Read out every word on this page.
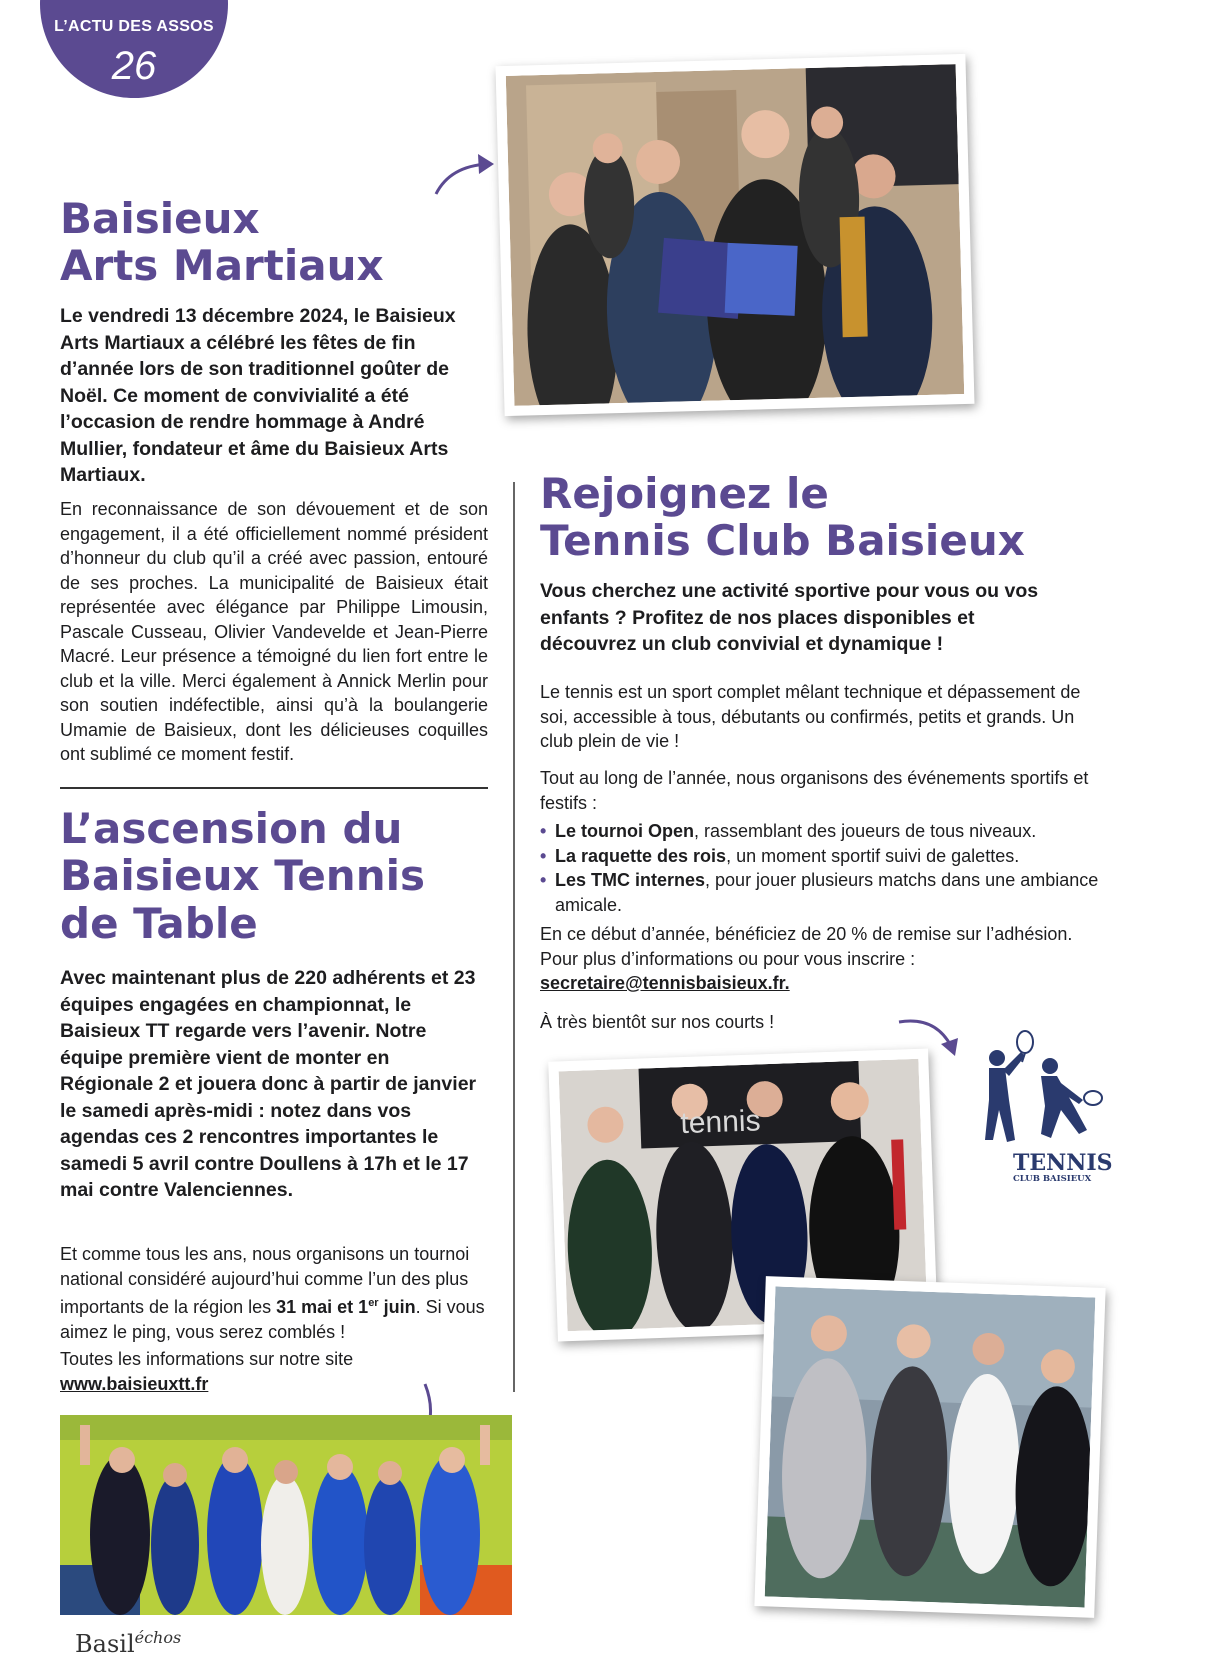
L’ACTU DES ASSOS
26
Baisieux
Arts Martiaux

Le vendredi 13 décembre 2024, le Baisieux Arts Martiaux a célébré les fêtes de fin d’année lors de son traditionnel goûter de Noël. Ce moment de convivialité a été l’occasion de rendre hommage à André Mullier, fondateur et âme du Baisieux Arts Martiaux.

En reconnaissance de son dévouement et de son engagement, il a été officiellement nommé président d’honneur du club qu’il a créé avec passion, entouré de ses proches. La municipalité de Baisieux était représentée avec élégance par Philippe Limousin, Pascale Cusseau, Olivier Vandevelde et Jean-Pierre Macré. Leur présence a témoigné du lien fort entre le club et la ville. Merci également à Annick Merlin pour son soutien indéfectible, ainsi qu’à la boulangerie Umamie de Baisieux, dont les délicieuses coquilles ont sublimé ce moment festif.

L’ascension du
Baisieux Tennis
de Table

Avec maintenant plus de 220 adhérents et 23 équipes engagées en championnat, le Baisieux TT regarde vers l’avenir. Notre équipe première vient de monter en Régionale 2 et jouera donc à partir de janvier le samedi après-midi : notez dans vos agendas ces 2 rencontres importantes le samedi 5 avril contre Doullens à 17h et le 17 mai contre Valenciennes.

Et comme tous les ans, nous organisons un tournoi national considéré aujourd’hui comme l’un des plus importants de la région les 31 mai et 1er juin. Si vous aimez le ping, vous serez comblés !

Toutes les informations sur notre site
www.baisieuxtt.fr

Rejoignez le
Tennis Club Baisieux

Vous cherchez une activité sportive pour vous ou vos enfants ? Profitez de nos places disponibles et découvrez un club convivial et dynamique !

Le tennis est un sport complet mêlant technique et dépassement de soi, accessible à tous, débutants ou confirmés, petits et grands. Un club plein de vie !

Tout au long de l’année, nous organisons des événements sportifs et festifs :

• Le tournoi Open, rassemblant des joueurs de tous niveaux.
• La raquette des rois, un moment sportif suivi de galettes.
• Les TMC internes, pour jouer plusieurs matchs dans une ambiance amicale.

En ce début d’année, bénéficiez de 20 % de remise sur l’adhésion.
Pour plus d’informations ou pour vous inscrire :
secretaire@tennisbaisieux.fr.

À très bientôt sur nos courts !

TENNIS
CLUB BAISIEUX
tennis
Basil$^{échos}$
